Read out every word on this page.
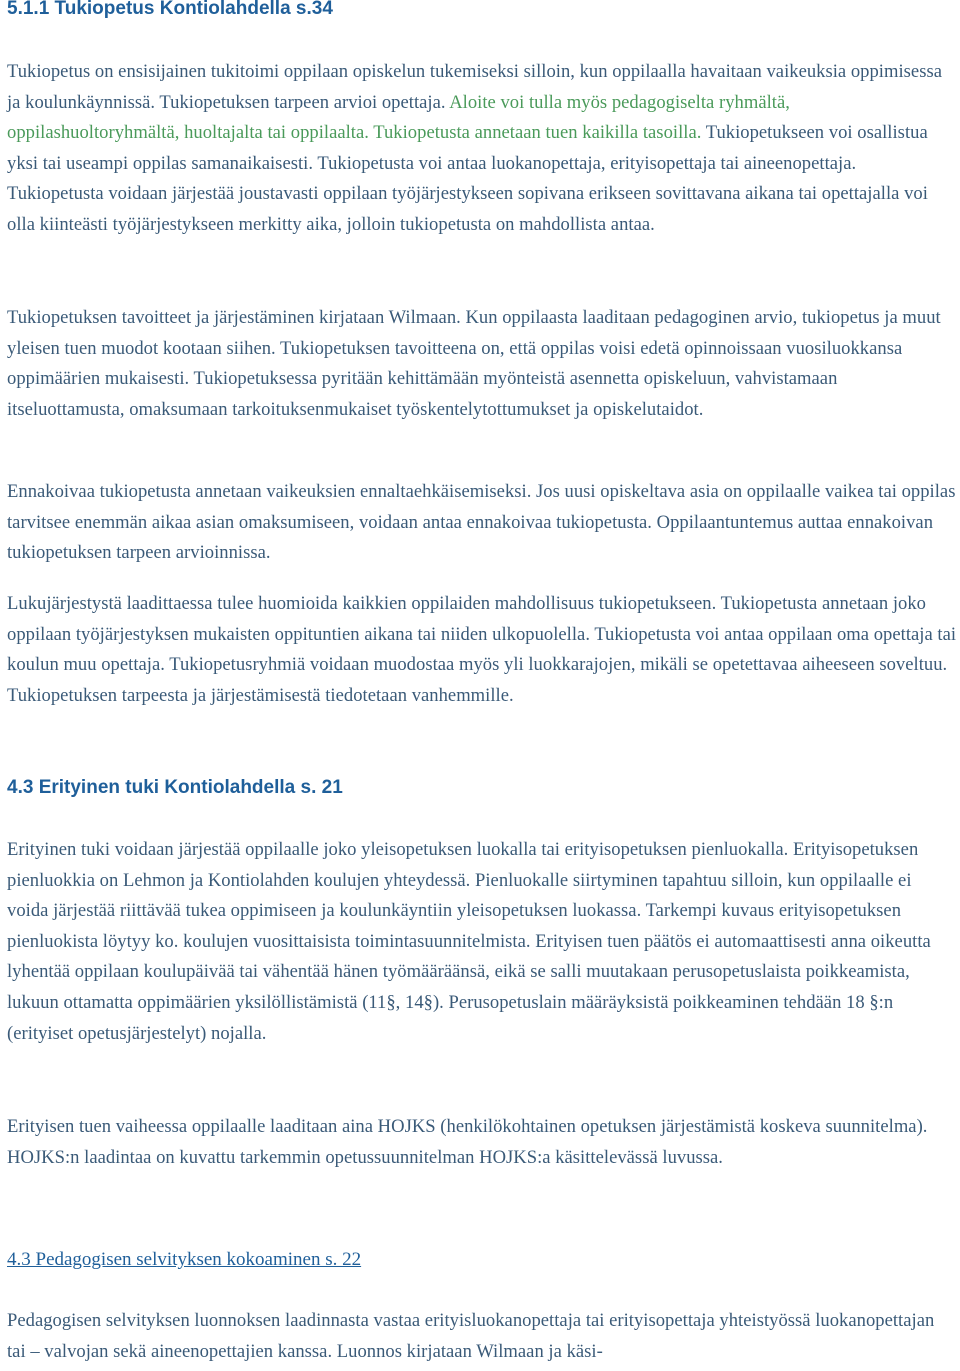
5.1.1 Tukiopetus Kontiolahdella s.34

Tukiopetus on ensisijainen tukitoimi oppilaan opiskelun tukemiseksi silloin, kun oppilaalla havaitaan vaikeuksia oppimisessa ja koulunkäynnissä. Tukiopetuksen tarpeen arvioi opettaja. Aloite voi tulla myös pedagogiselta ryhmältä, oppilashuoltoryhmältä, huoltajalta tai oppilaalta. Tukiopetusta annetaan tuen kaikilla tasoilla. Tukiopetukseen voi osallistua yksi tai useampi oppilas samanaikaisesti. Tukiopetusta voi antaa luokanopettaja, erityisopettaja tai aineenopettaja. Tukiopetusta voidaan järjestää joustavasti oppilaan työjärjestykseen sopivana erikseen sovittavana aikana tai opettajalla voi olla kiinteästi työjärjestykseen merkitty aika, jolloin tukiopetusta on mahdollista antaa.

Tukiopetuksen tavoitteet ja järjestäminen kirjataan Wilmaan. Kun oppilaasta laaditaan pedagoginen arvio, tukiopetus ja muut yleisen tuen muodot kootaan siihen. Tukiopetuksen tavoitteena on, että oppilas voisi edetä opinnoissaan vuosiluokkansa oppimäärien mukaisesti. Tukiopetuksessa pyritään kehittämään myönteistä asennetta opiskeluun, vahvistamaan itseluottamusta, omaksumaan tarkoituksenmukaiset työskentelytottumukset ja opiskelutaidot.

Ennakoivaa tukiopetusta annetaan vaikeuksien ennaltaehkäisemiseksi. Jos uusi opiskeltava asia on oppilaalle vaikea tai oppilas tarvitsee enemmän aikaa asian omaksumiseen, voidaan antaa ennakoivaa tukiopetusta. Oppilaantuntemus auttaa ennakoivan tukiopetuksen tarpeen arvioinnissa.

Lukujärjestystä laadittaessa tulee huomioida kaikkien oppilaiden mahdollisuus tukiopetukseen. Tukiopetusta annetaan joko oppilaan työjärjestyksen mukaisten oppituntien aikana tai niiden ulkopuolella. Tukiopetusta voi antaa oppilaan oma opettaja tai koulun muu opettaja. Tukiopetusryhmiä voidaan muodostaa myös yli luokkarajojen, mikäli se opetettavaa aiheeseen soveltuu. Tukiopetuksen tarpeesta ja järjestämisestä tiedotetaan vanhemmille.

4.3 Erityinen tuki Kontiolahdella s. 21

Erityinen tuki voidaan järjestää oppilaalle joko yleisopetuksen luokalla tai erityisopetuksen pienluokalla. Erityisopetuksen pienluokkia on Lehmon ja Kontiolahden koulujen yhteydessä. Pienluokalle siirtyminen tapahtuu silloin, kun oppilaalle ei voida järjestää riittävää tukea oppimiseen ja koulunkäyntiin yleisopetuksen luokassa. Tarkempi kuvaus erityisopetuksen pienluokista löytyy ko. koulujen vuosittaisista toimintasuunnitelmista. Erityisen tuen päätös ei automaattisesti anna oikeutta lyhentää oppilaan koulupäivää tai vähentää hänen työmääräänsä, eikä se salli muutakaan perusopetuslaista poikkeamista, lukuun ottamatta oppimäärien yksilöllistämistä (11§, 14§). Perusopetuslain määräyksistä poikkeaminen tehdään 18 §:n (erityiset opetusjärjestelyt) nojalla.

Erityisen tuen vaiheessa oppilaalle laaditaan aina HOJKS (henkilökohtainen opetuksen järjestämistä koskeva suunnitelma). HOJKS:n laadintaa on kuvattu tarkemmin opetussuunnitelman HOJKS:a käsittelevässä luvussa.

4.3 Pedagogisen selvityksen kokoaminen s. 22

Pedagogisen selvityksen luonnoksen laadinnasta vastaa erityisluokanopettaja tai erityisopettaja yhteistyössä luokanopettajan tai – valvojan sekä aineenopettajien kanssa. Luonnos kirjataan Wilmaan ja käsi-
